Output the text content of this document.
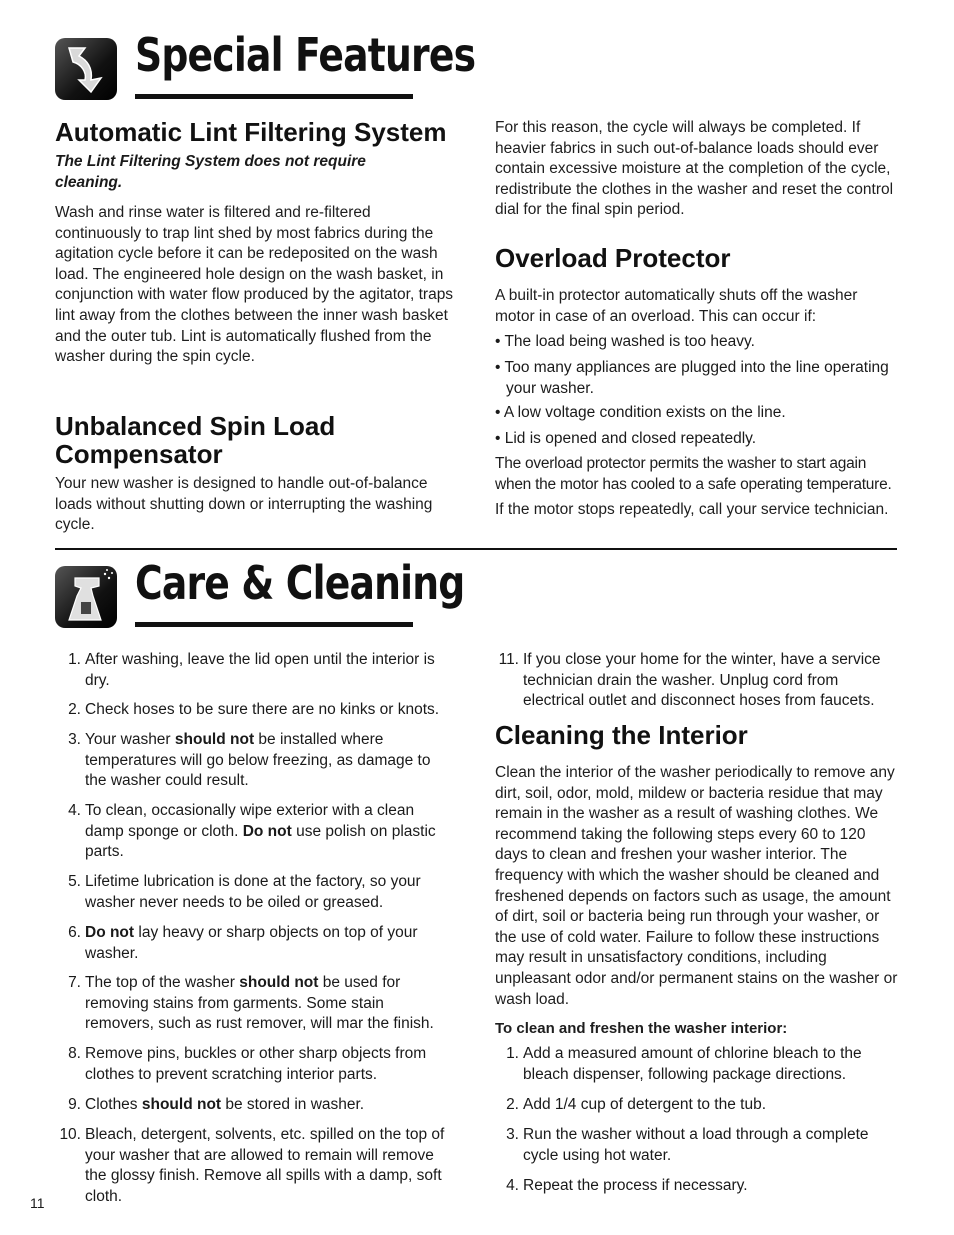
Special Features
Automatic Lint Filtering System

The Lint Filtering System does not require cleaning.

Wash and rinse water is filtered and re-filtered continuously to trap lint shed by most fabrics during the agitation cycle before it can be redeposited on the wash load. The engineered hole design on the wash basket, in conjunction with water flow produced by the agitator, traps lint away from the clothes between the inner wash basket and the outer tub. Lint is automatically flushed from the washer during the spin cycle.

Unbalanced Spin Load Compensator

Your new washer is designed to handle out-of-balance loads without shutting down or interrupting the washing cycle.

For this reason, the cycle will always be completed. If heavier fabrics in such out-of-balance loads should ever contain excessive moisture at the completion of the cycle, redistribute the clothes in the washer and reset the control dial for the final spin period.

Overload Protector

A built-in protector automatically shuts off the washer motor in case of an overload. This can occur if:

• The load being washed is too heavy.
• Too many appliances are plugged into the line operating your washer.
• A low voltage condition exists on the line.
• Lid is opened and closed repeatedly.

The overload protector permits the washer to start again when the motor has cooled to a safe operating temperature.

If the motor stops repeatedly, call your service technician.

Care & Cleaning
1. After washing, leave the lid open until the interior is dry.
2. Check hoses to be sure there are no kinks or knots.
3. Your washer should not be installed where temperatures will go below freezing, as damage to the washer could result.
4. To clean, occasionally wipe exterior with a clean damp sponge or cloth. Do not use polish on plastic parts.
5. Lifetime lubrication is done at the factory, so your washer never needs to be oiled or greased.
6. Do not lay heavy or sharp objects on top of your washer.
7. The top of the washer should not be used for removing stains from garments. Some stain removers, such as rust remover, will mar the finish.
8. Remove pins, buckles or other sharp objects from clothes to prevent scratching interior parts.
9. Clothes should not be stored in washer.
10. Bleach, detergent, solvents, etc. spilled on the top of your washer that are allowed to remain will remove the glossy finish. Remove all spills with a damp, soft cloth.
11. If you close your home for the winter, have a service technician drain the washer. Unplug cord from electrical outlet and disconnect hoses from faucets.
Cleaning the Interior

Clean the interior of the washer periodically to remove any dirt, soil, odor, mold, mildew or bacteria residue that may remain in the washer as a result of washing clothes. We recommend taking the following steps every 60 to 120 days to clean and freshen your washer interior. The frequency with which the washer should be cleaned and freshened depends on factors such as usage, the amount of dirt, soil or bacteria being run through your washer, or the use of cold water. Failure to follow these instructions may result in unsatisfactory conditions, including unpleasant odor and/or permanent stains on the washer or wash load.

To clean and freshen the washer interior:

1. Add a measured amount of chlorine bleach to the bleach dispenser, following package directions.
2. Add 1/4 cup of detergent to the tub.
3. Run the washer without a load through a complete cycle using hot water.
4. Repeat the process if necessary.
11
